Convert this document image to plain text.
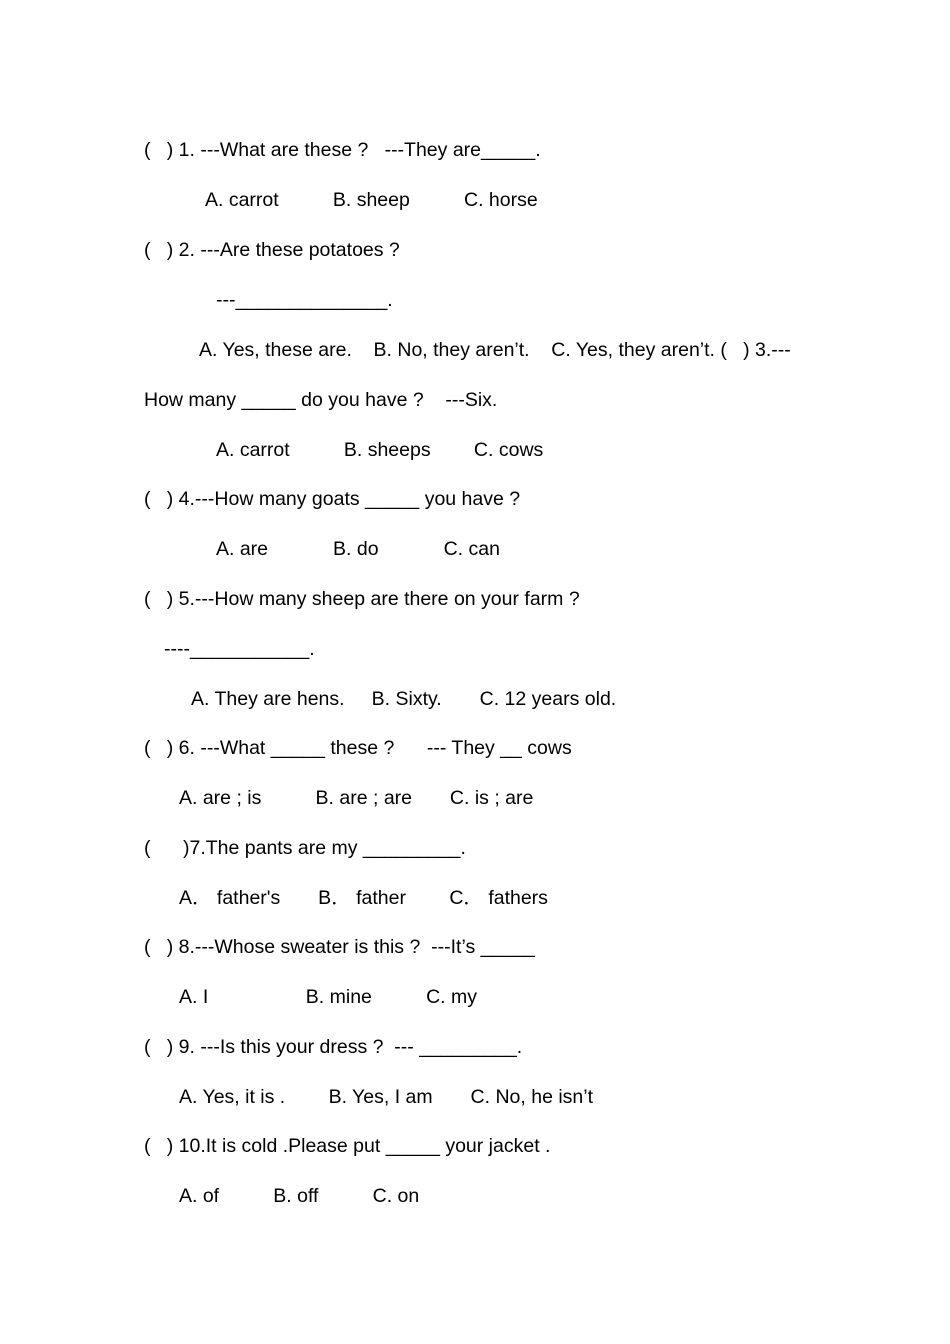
(   ) 1. ---What are these ?   ---They are_____.

A. carrot          B. sheep          C. horse

(   ) 2. ---Are these potatoes ?

---______________.

A. Yes, these are.    B. No, they aren’t.    C. Yes, they aren’t. (   ) 3.---

How many _____ do you have ?    ---Six.

A. carrot          B. sheeps        C. cows

(   ) 4.---How many goats _____ you have ?

A. are            B. do            C. can

(   ) 5.---How many sheep are there on your farm ?

----___________.

A. They are hens.     B. Sixty.       C. 12 years old.

(   ) 6. ---What _____ these ?      --- They __ cows

A. are ; is          B. are ; are       C. is ; are

(      )7.The pants are my _________.

A． father's       B． father        C． fathers

(   ) 8.---Whose sweater is this ?  ---It’s _____

A. I                  B. mine          C. my

(   ) 9. ---Is this your dress ?  --- _________.

A. Yes, it is .        B. Yes, I am       C. No, he isn’t

(   ) 10.It is cold .Please put _____ your jacket .

A. of          B. off          C. on
